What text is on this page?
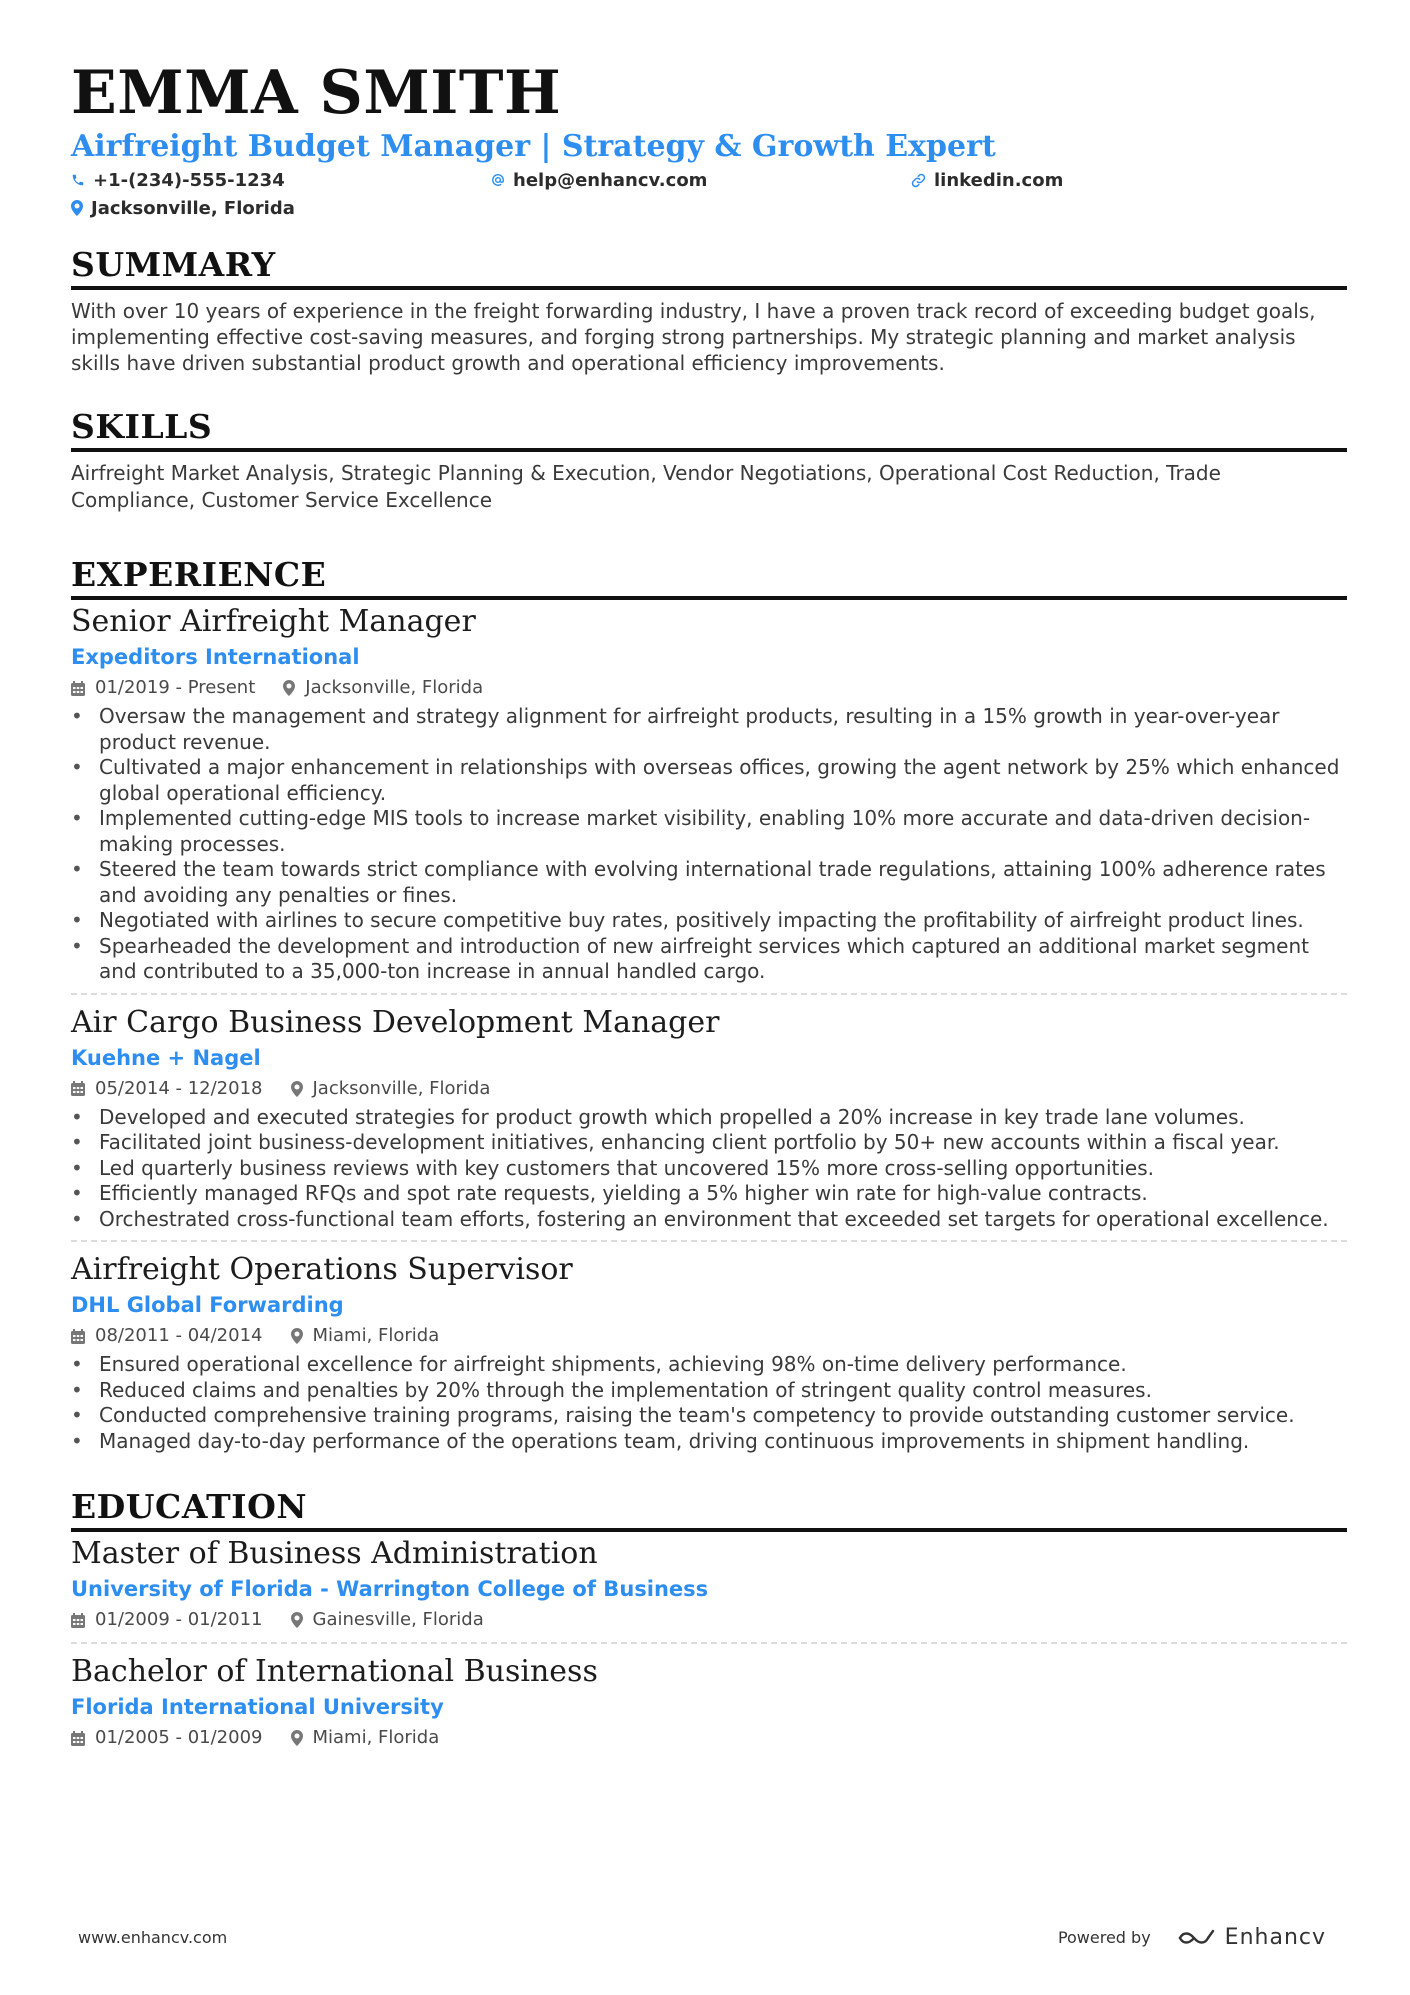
EMMA SMITH
Airfreight Budget Manager | Strategy & Growth Expert
+1-(234)-555-1234	help@enhancv.com	linkedin.com
Jacksonville, Florida
SUMMARY
With over 10 years of experience in the freight forwarding industry, I have a proven track record of exceeding budget goals, implementing effective cost-saving measures, and forging strong partnerships. My strategic planning and market analysis skills have driven substantial product growth and operational efficiency improvements.
SKILLS
Airfreight Market Analysis, Strategic Planning & Execution, Vendor Negotiations, Operational Cost Reduction, Trade Compliance, Customer Service Excellence
EXPERIENCE
Senior Airfreight Manager
Expeditors International
01/2019 - Present	Jacksonville, Florida
• Oversaw the management and strategy alignment for airfreight products, resulting in a 15% growth in year-over-year product revenue.
• Cultivated a major enhancement in relationships with overseas offices, growing the agent network by 25% which enhanced global operational efficiency.
• Implemented cutting-edge MIS tools to increase market visibility, enabling 10% more accurate and data-driven decision-making processes.
• Steered the team towards strict compliance with evolving international trade regulations, attaining 100% adherence rates and avoiding any penalties or fines.
• Negotiated with airlines to secure competitive buy rates, positively impacting the profitability of airfreight product lines.
• Spearheaded the development and introduction of new airfreight services which captured an additional market segment and contributed to a 35,000-ton increase in annual handled cargo.
Air Cargo Business Development Manager
Kuehne + Nagel
05/2014 - 12/2018	Jacksonville, Florida
• Developed and executed strategies for product growth which propelled a 20% increase in key trade lane volumes.
• Facilitated joint business-development initiatives, enhancing client portfolio by 50+ new accounts within a fiscal year.
• Led quarterly business reviews with key customers that uncovered 15% more cross-selling opportunities.
• Efficiently managed RFQs and spot rate requests, yielding a 5% higher win rate for high-value contracts.
• Orchestrated cross-functional team efforts, fostering an environment that exceeded set targets for operational excellence.
Airfreight Operations Supervisor
DHL Global Forwarding
08/2011 - 04/2014	Miami, Florida
• Ensured operational excellence for airfreight shipments, achieving 98% on-time delivery performance.
• Reduced claims and penalties by 20% through the implementation of stringent quality control measures.
• Conducted comprehensive training programs, raising the team's competency to provide outstanding customer service.
• Managed day-to-day performance of the operations team, driving continuous improvements in shipment handling.
EDUCATION
Master of Business Administration
University of Florida - Warrington College of Business
01/2009 - 01/2011	Gainesville, Florida
Bachelor of International Business
Florida International University
01/2005 - 01/2009	Miami, Florida
www.enhancv.com	Powered by	Enhancv
